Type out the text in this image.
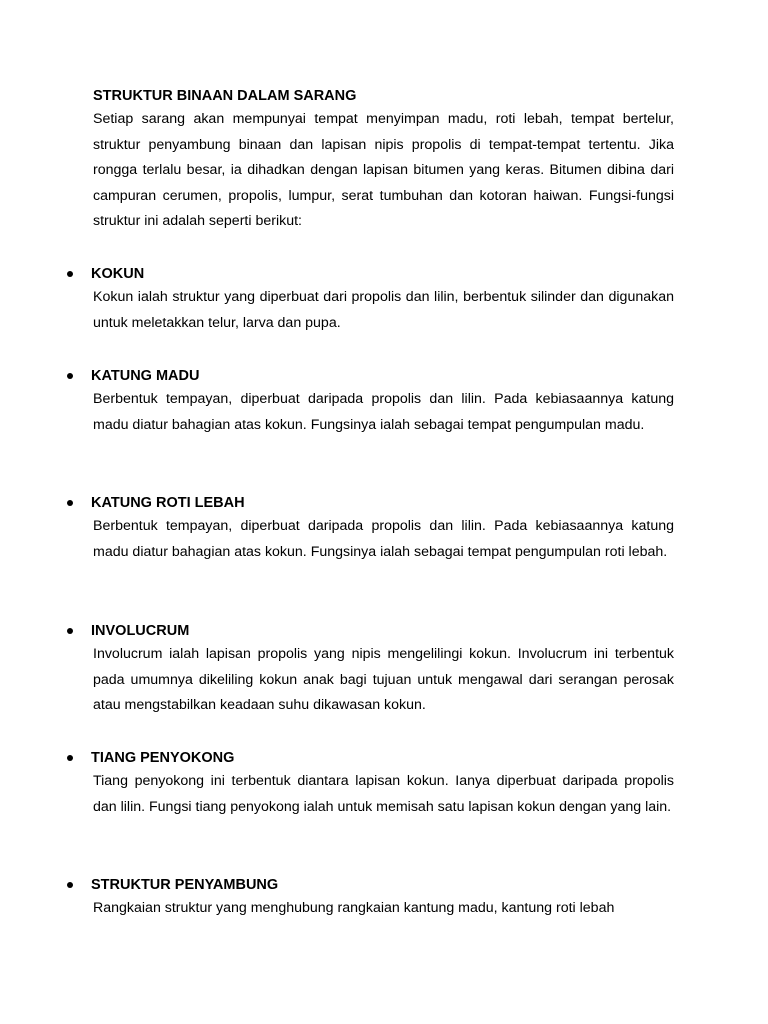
STRUKTUR BINAAN DALAM SARANG

Setiap sarang akan mempunyai tempat menyimpan madu, roti lebah, tempat bertelur, struktur penyambung binaan dan lapisan nipis propolis di tempat-tempat tertentu. Jika rongga terlalu besar, ia dihadkan dengan lapisan bitumen yang keras. Bitumen dibina dari campuran cerumen, propolis, lumpur, serat tumbuhan dan kotoran haiwan. Fungsi-fungsi struktur ini adalah seperti berikut:

KOKUN

Kokun ialah struktur yang diperbuat dari propolis dan lilin, berbentuk silinder dan digunakan untuk meletakkan telur, larva dan pupa.

KATUNG MADU

Berbentuk tempayan, diperbuat daripada propolis dan lilin. Pada kebiasaannya katung madu diatur bahagian atas kokun. Fungsinya ialah sebagai tempat pengumpulan madu.

KATUNG ROTI LEBAH

Berbentuk tempayan, diperbuat daripada propolis dan lilin. Pada kebiasaannya katung madu diatur bahagian atas kokun. Fungsinya ialah sebagai tempat pengumpulan roti lebah.

INVOLUCRUM

Involucrum ialah lapisan propolis yang nipis mengelilingi kokun. Involucrum ini terbentuk pada umumnya dikeliling kokun anak bagi tujuan untuk mengawal dari serangan perosak atau mengstabilkan keadaan suhu dikawasan kokun.

TIANG PENYOKONG

Tiang penyokong ini terbentuk diantara lapisan kokun. Ianya diperbuat daripada propolis dan lilin. Fungsi tiang penyokong ialah untuk memisah satu lapisan kokun dengan yang lain.

STRUKTUR PENYAMBUNG

Rangkaian struktur yang menghubung rangkaian kantung madu, kantung roti lebah
